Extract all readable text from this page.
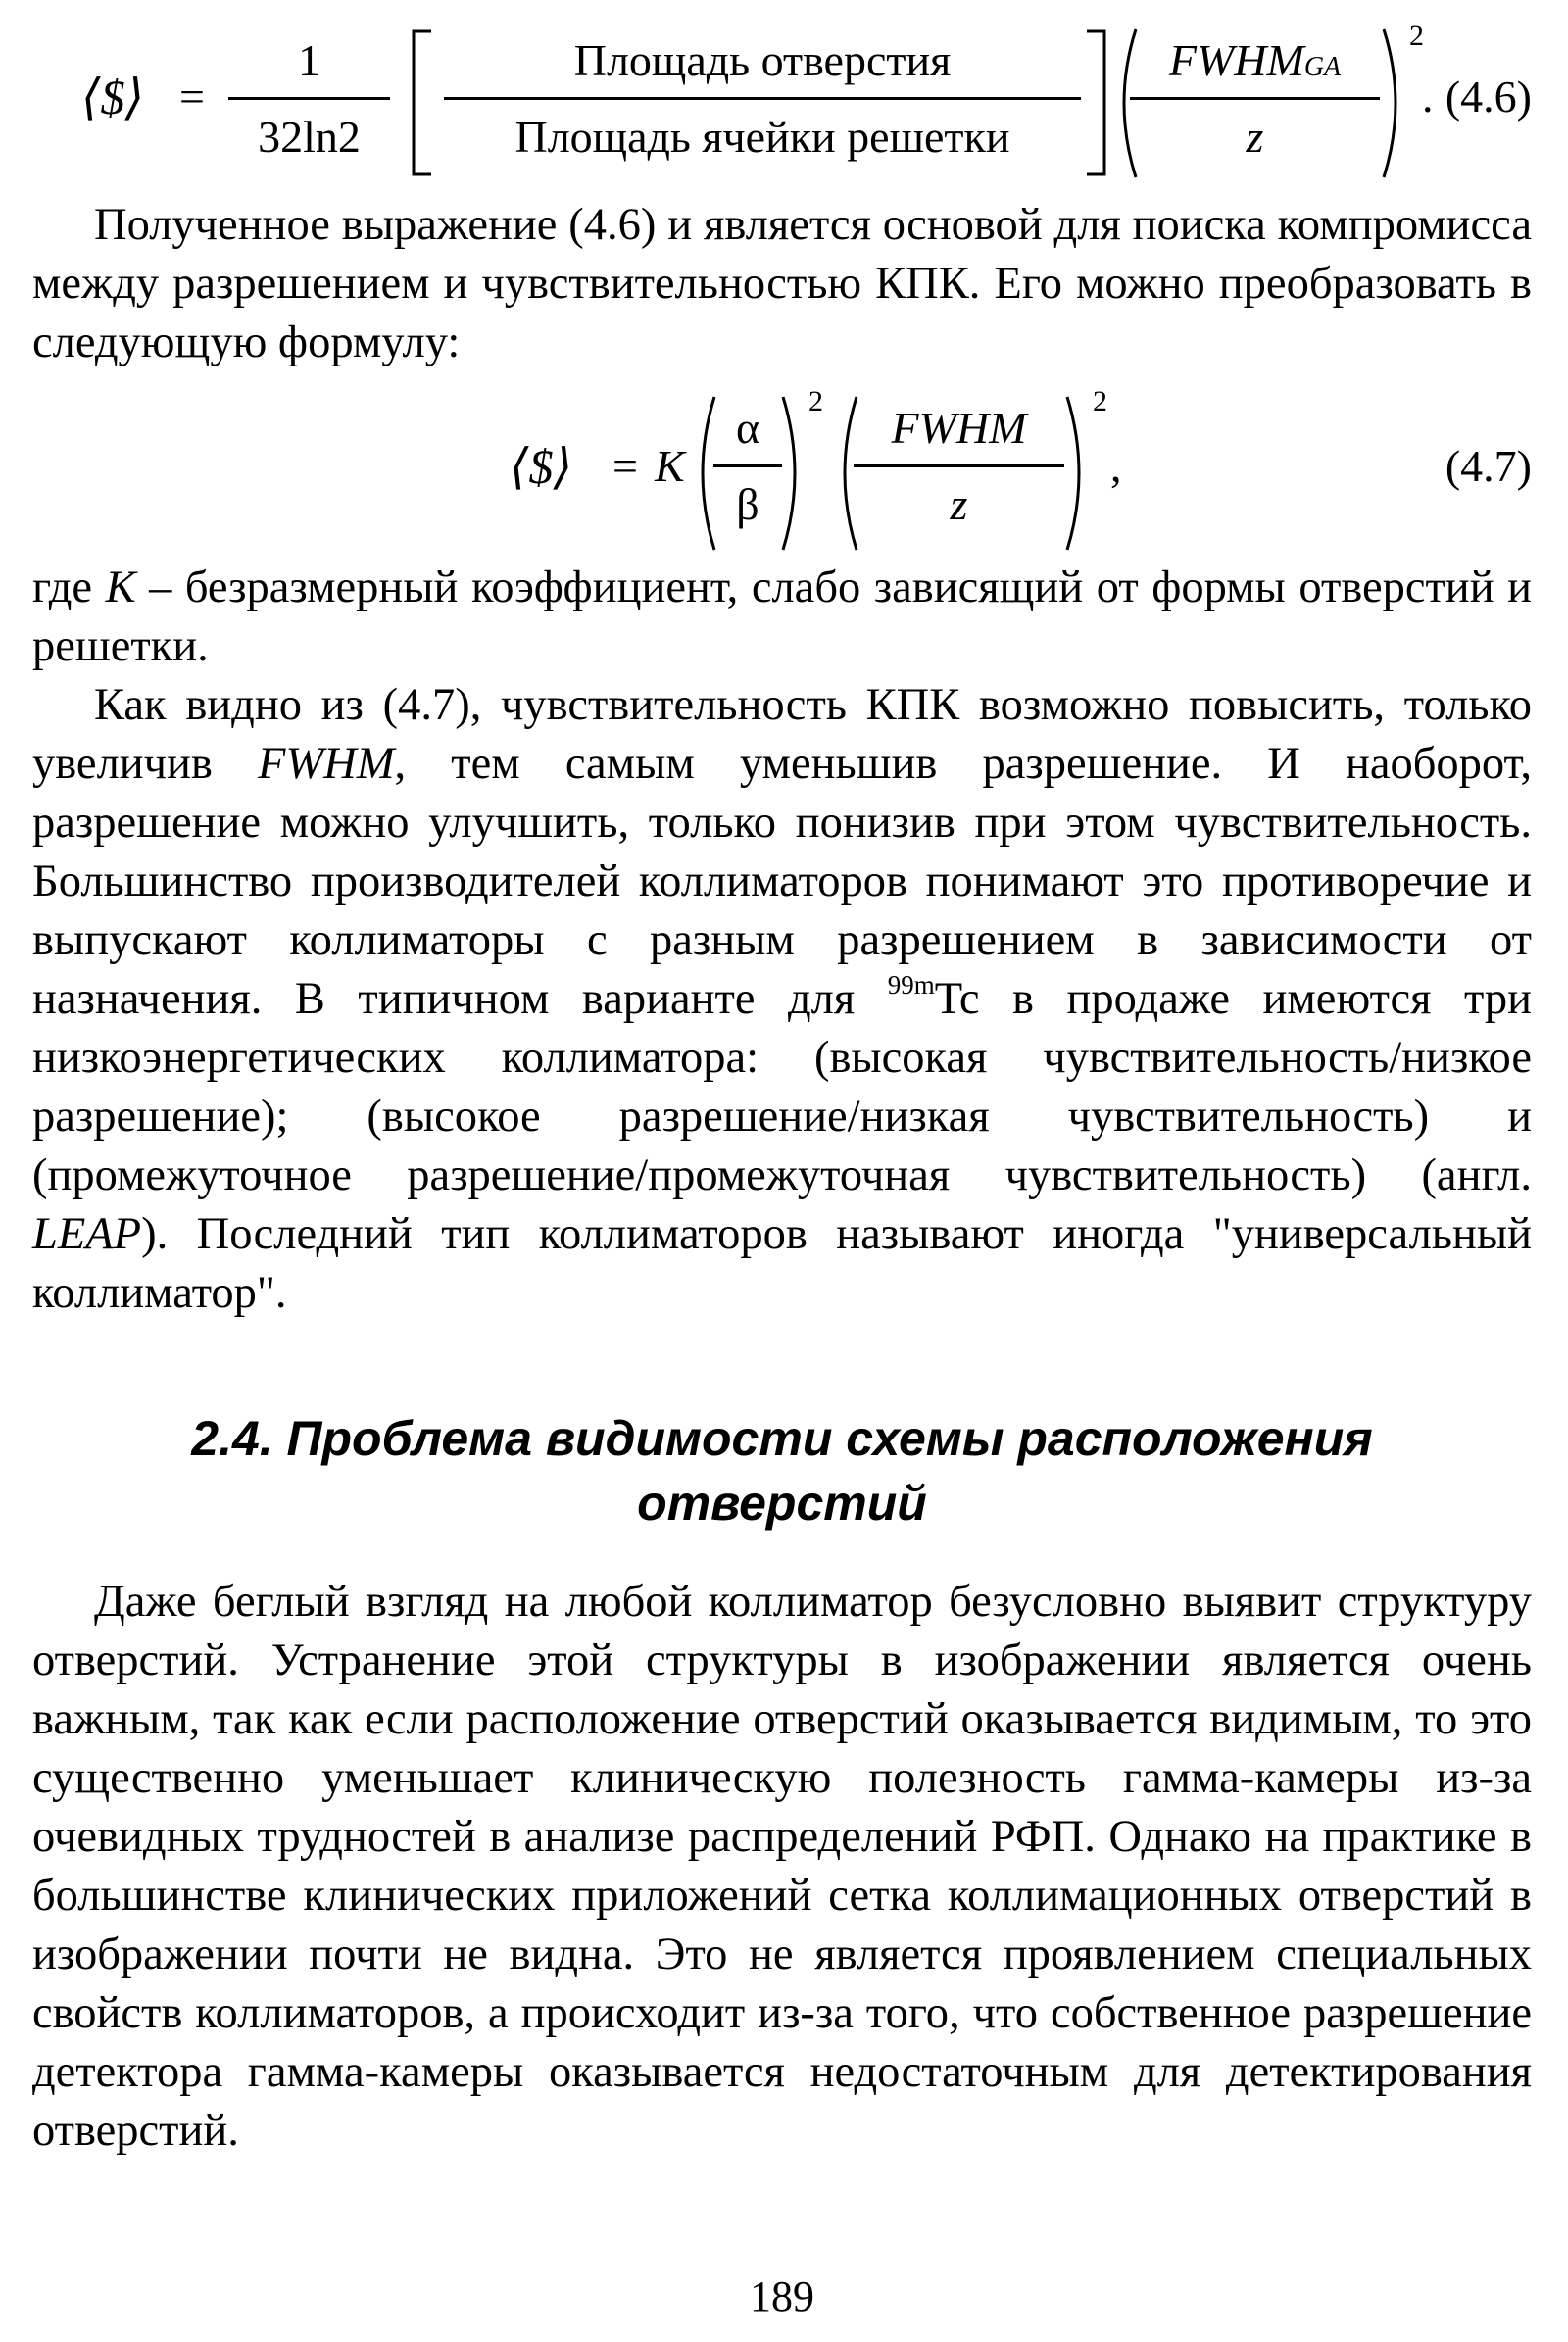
⟨$⟩ =
1
32ln2
Площадь отверстия
Площадь ячейки решетки
FWHMGA
z
2
. (4.6)

Полученное выражение (4.6) и является основой для поиска компромисса между разрешением и чувствительностью КПК. Его можно преобразовать в следующую формулу:

⟨$⟩ = K
α
β
2
FWHM
z
2
,	(4.7)

где K – безразмерный коэффициент, слабо зависящий от формы отверстий и решетки.

Как видно из (4.7), чувствительность КПК возможно повысить, только увеличив FWHM, тем самым уменьшив разрешение. И наоборот, разрешение можно улучшить, только понизив при этом чувствительность. Большинство производителей коллиматоров понимают это противоречие и выпускают коллиматоры с разным разрешением в зависимости от назначения. В типичном варианте для $^{99m}$Tc в продаже имеются три низкоэнергетических коллиматора: (высокая чувствительность/низкое разрешение); (высокое разрешение/низкая чувствительность) и (промежуточное разрешение/промежуточная чувствительность) (англ. LEAP). Последний тип коллиматоров называют иногда "универсальный коллиматор".

2.4. Проблема видимости схемы расположения
отверстий

Даже беглый взгляд на любой коллиматор безусловно выявит структуру отверстий. Устранение этой структуры в изображении является очень важным, так как если расположение отверстий оказывается видимым, то это существенно уменьшает клиническую полезность гамма-камеры из-за очевидных трудностей в анализе распределений РФП. Однако на практике в большинстве клинических приложений сетка коллимационных отверстий в изображении почти не видна. Это не является проявлением специальных свойств коллиматоров, а происходит из-за того, что собственное разрешение детектора гамма-камеры оказывается недостаточным для детектирования отверстий.

189
